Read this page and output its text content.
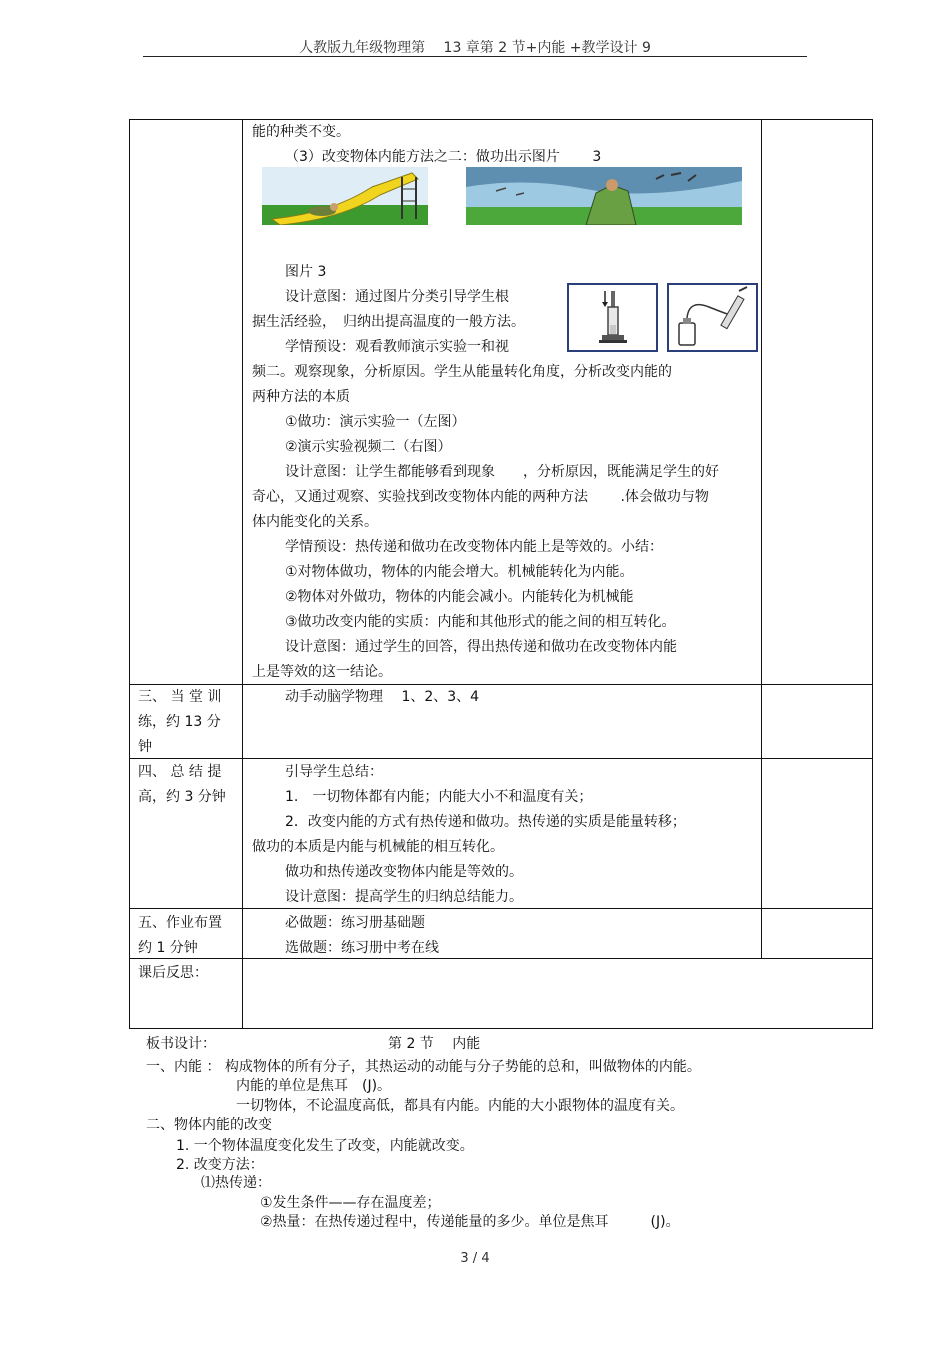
人教版九年级物理第　 13 章第 2 节+内能 +教学设计 9
能的种类不变。
（3）改变物体内能方法之二：做功出示图片　　 3
图片 3
设计意图：通过图片分类引导学生根
据生活经验，　归纳出提高温度的一般方法。
学情预设：观看教师演示实验一和视
频二。观察现象，分析原因。学生从能量转化角度，分析改变内能的
两种方法的本质
①做功：演示实验一（左图）
②演示实验视频二（右图）
设计意图：让学生都能够看到现象　　，分析原因，既能满足学生的好
奇心，又通过观察、实验找到改变物体内能的两种方法　　 .体会做功与物
体内能变化的关系。
学情预设：热传递和做功在改变物体内能上是等效的。小结：
①对物体做功，物体的内能会增大。机械能转化为内能。
②物体对外做功，物体的内能会减小。内能转化为机械能
③做功改变内能的实质：内能和其他形式的能之间的相互转化。
设计意图：通过学生的回答，得出热传递和做功在改变物体内能
上是等效的这一结论。
三、 当 堂 训
练，约 13 分
钟
动手动脑学物理　 1、2、3、4
四、 总 结 提
高，约 3 分钟
引导学生总结：
1.　一切物体都有内能；内能大小不和温度有关；
2．改变内能的方式有热传递和做功。热传递的实质是能量转移；
做功的本质是内能与机械能的相互转化。
做功和热传递改变物体内能是等效的。
设计意图：提高学生的归纳总结能力。
五、作业布置
约 1 分钟
必做题：练习册基础题
选做题：练习册中考在线
课后反思：
板书设计：	第 2 节　 内能
一、内能 ： 构成物体的所有分子，其热运动的动能与分子势能的总和，叫做物体的内能。
内能的单位是焦耳　(J)。
一切物体，不论温度高低，都具有内能。内能的大小跟物体的温度有关。
二、物体内能的改变
1. 一个物体温度变化发生了改变，内能就改变。
2. 改变方法：
⑴热传递：
①发生条件——存在温度差；
②热量：在热传递过程中，传递能量的多少。单位是焦耳　　　(J)。
3 / 4
